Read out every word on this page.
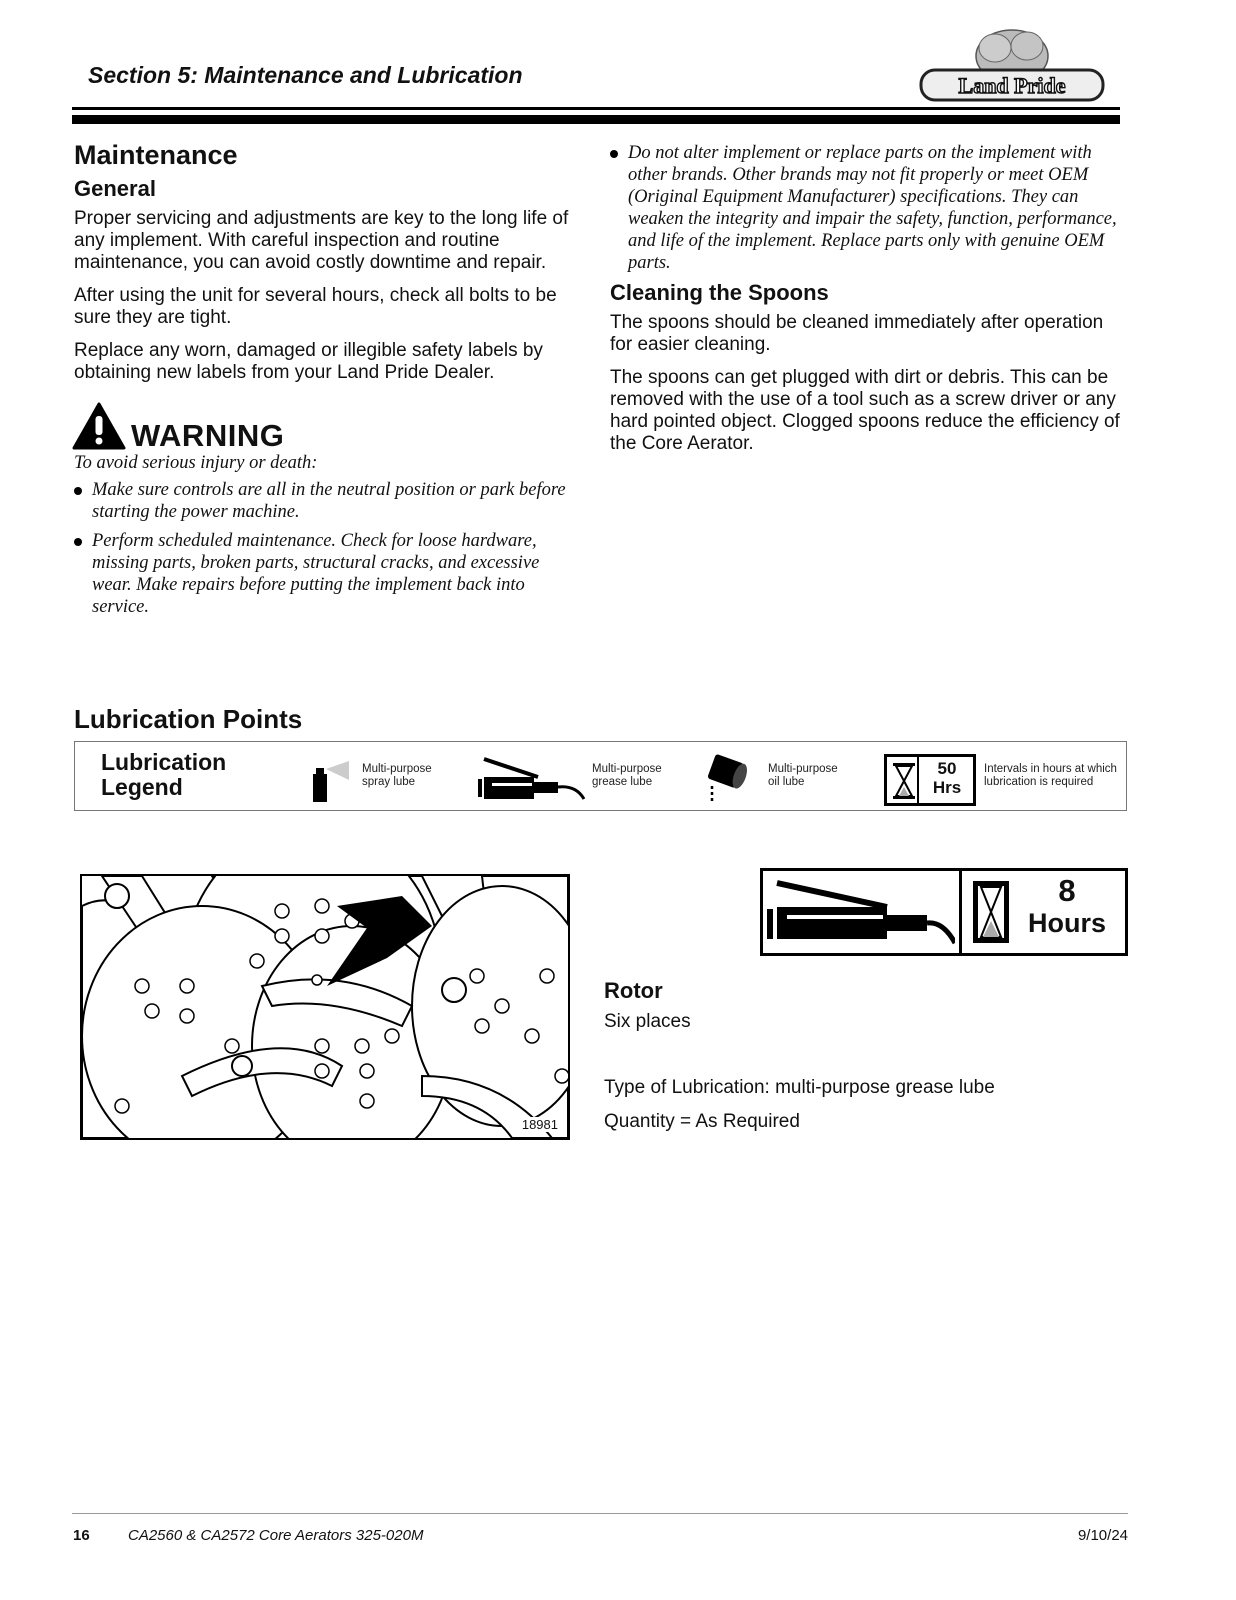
Section 5: Maintenance and Lubrication	Land Pride
Maintenance
General

Proper servicing and adjustments are key to the long life of any implement. With careful inspection and routine maintenance, you can avoid costly downtime and repair.

After using the unit for several hours, check all bolts to be sure they are tight.

Replace any worn, damaged or illegible safety labels by obtaining new labels from your Land Pride Dealer.

WARNING
To avoid serious injury or death:
Make sure controls are all in the neutral position or park before starting the power machine.
Perform scheduled maintenance. Check for loose hardware, missing parts, broken parts, structural cracks, and excessive wear. Make repairs before putting the implement back into service.
Do not alter implement or replace parts on the implement with other brands. Other brands may not fit properly or meet OEM (Original Equipment Manufacturer) specifications. They can weaken the integrity and impair the safety, function, performance, and life of the implement. Replace parts only with genuine OEM parts.
Cleaning the Spoons

The spoons should be cleaned immediately after operation for easier cleaning.

The spoons can get plugged with dirt or debris. This can be removed with the use of a tool such as a screw driver or any hard pointed object. Clogged spoons reduce the efficiency of the Core Aerator.

Lubrication Points
Lubrication
Legend
Multi-purpose
spray lube
Multi-purpose
grease lube
Multi-purpose
oil lube
50
Hrs
Intervals in hours at which
lubrication is required
18981
8
Hours
Rotor

Six places

Type of Lubrication: multi-purpose grease lube

Quantity = As Required

16	CA2560 & CA2572 Core Aerators 325-020M	9/10/24
